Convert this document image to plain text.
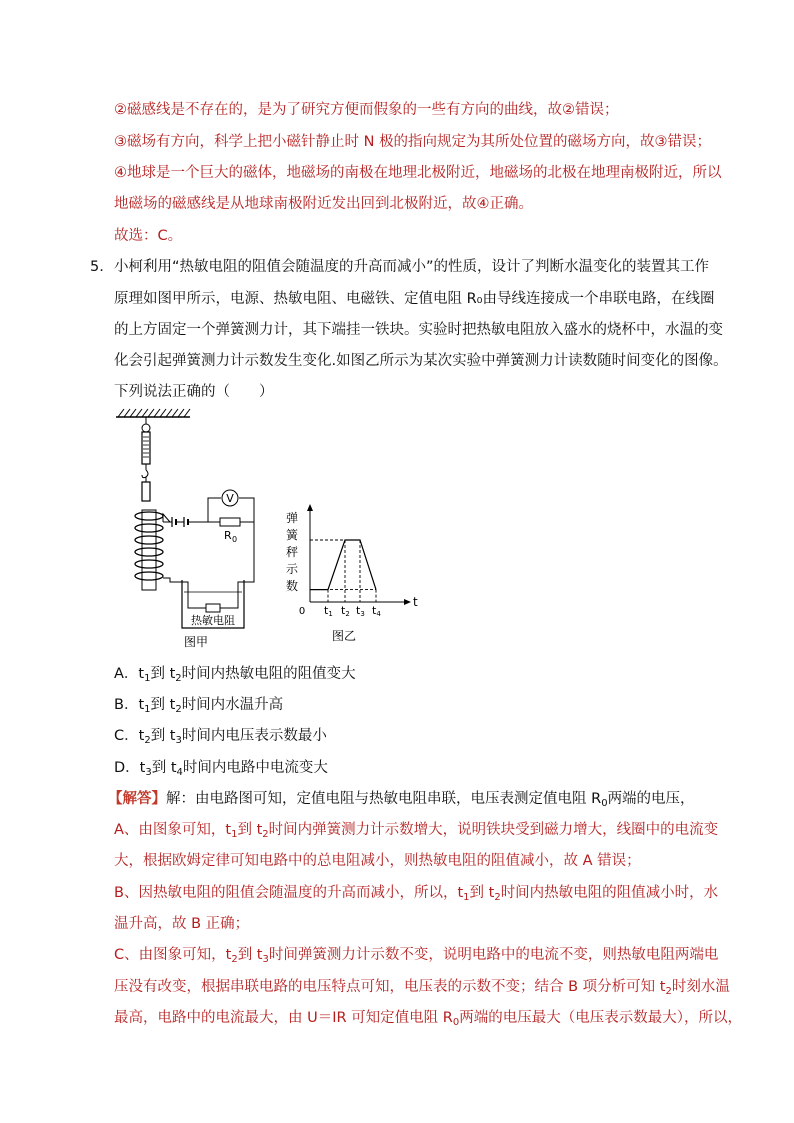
②磁感线是不存在的，是为了研究方便而假象的一些有方向的曲线，故②错误；
③磁场有方向，科学上把小磁针静止时 N 极的指向规定为其所处位置的磁场方向，故③错误；
④地球是一个巨大的磁体，地磁场的南极在地理北极附近，地磁场的北极在地理南极附近，所以
地磁场的磁感线是从地球南极附近发出回到北极附近，故④正确。
故选：C。
5. 小柯利用“热敏电阻的阻值会随温度的升高而减小”的性质，设计了判断水温变化的装置其工作
原理如图甲所示，电源、热敏电阻、电磁铁、定值电阻 R₀由导线连接成一个串联电路，在线圈
的上方固定一个弹簧测力计，其下端挂一铁块。实验时把热敏电阻放入盛水的烧杯中，水温的变
化会引起弹簧测力计示数发生变化.如图乙所示为某次实验中弹簧测力计读数随时间变化的图像。
下列说法正确的（　　）
V
R 0
热敏电阻
图甲
弹
簧
秤
示
数
t
0 t1 t2 t3 t4
图乙
A．$t_1$到 $t_2$时间内热敏电阻的阻值变大
B．$t_1$到 $t_2$时间内水温升高
C．$t_2$到 $t_3$时间内电压表示数最小
D．$t_3$到 $t_4$时间内电路中电流变大
【解答】解：由电路图可知，定值电阻与热敏电阻串联，电压表测定值电阻 $R_0$两端的电压，
A、由图象可知，$t_1$到 $t_2$时间内弹簧测力计示数增大，说明铁块受到磁力增大，线圈中的电流变
大，根据欧姆定律可知电路中的总电阻减小，则热敏电阻的阻值减小，故 A 错误；
B、因热敏电阻的阻值会随温度的升高而减小，所以，$t_1$到 $t_2$时间内热敏电阻的阻值减小时，水
温升高，故 B 正确；
C、由图象可知，$t_2$到 $t_3$时间弹簧测力计示数不变，说明电路中的电流不变，则热敏电阻两端电
压没有改变，根据串联电路的电压特点可知，电压表的示数不变；结合 B 项分析可知 $t_2$时刻水温
最高，电路中的电流最大，由 U＝IR 可知定值电阻 $R_0$两端的电压最大（电压表示数最大），所以，
